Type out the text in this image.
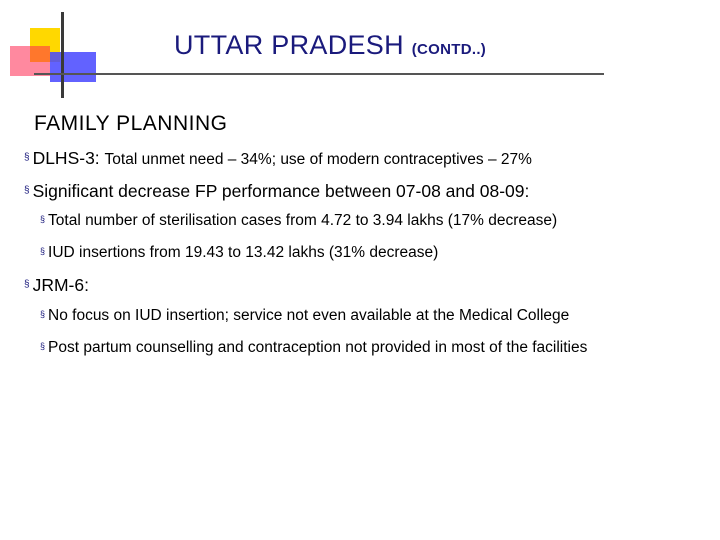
UTTAR PRADESH (CONTD..)
FAMILY PLANNING
§ DLHS-3: Total unmet need – 34%; use of modern contraceptives – 27%
§ Significant decrease FP performance between 07-08 and 08-09:
§ Total number of sterilisation cases from 4.72 to 3.94 lakhs (17% decrease)
§ IUD insertions from 19.43 to 13.42 lakhs (31% decrease)
§ JRM-6:
§ No focus on IUD insertion; service not even available at the Medical College
§ Post partum counselling and contraception not provided in most of the facilities
